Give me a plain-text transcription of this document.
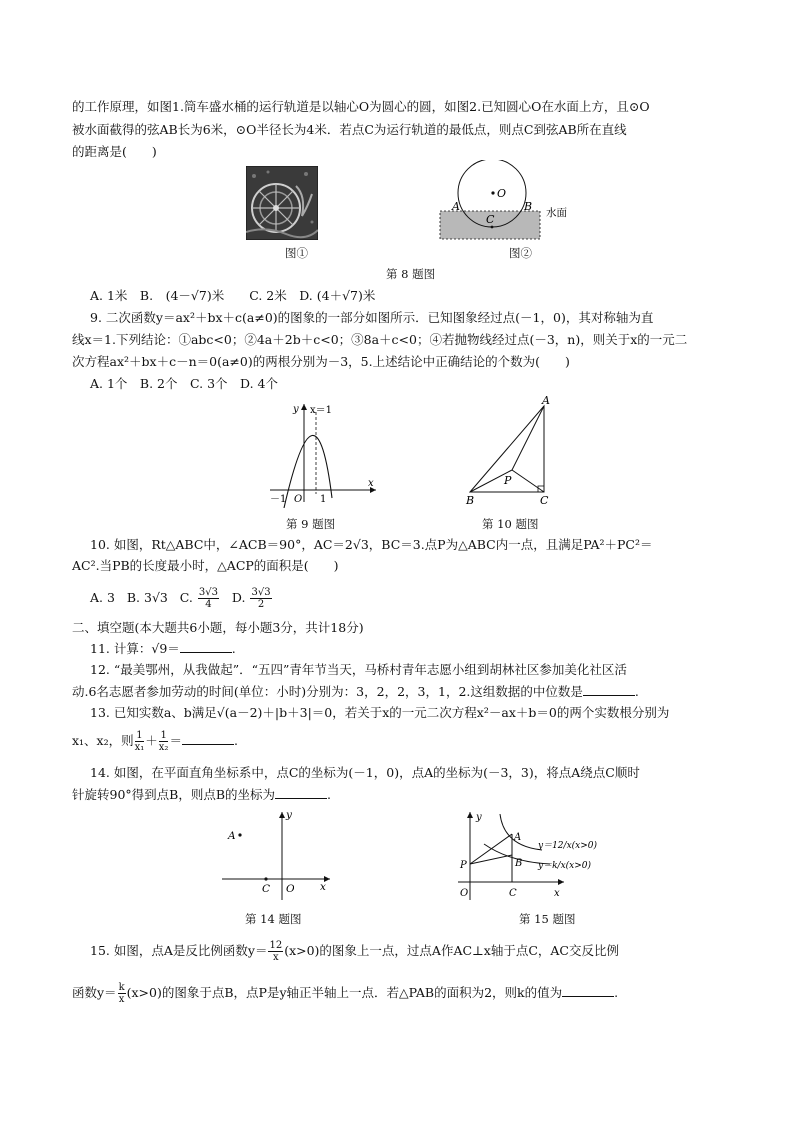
的工作原理，如图1.筒车盛水桶的运行轨道是以轴心O为圆心的圆，如图2.已知圆心O在水面上方，且⊙O
被水面截得的弦AB长为6米，⊙O半径长为4米．若点C为运行轨道的最低点，则点C到弦AB所在直线
的距离是(　　)
图①
O
A	B
C	水面
图②
第 8 题图
A. 1米　B.　(4－√7)米　　C. 2米　D. (4＋√7)米
9. 二次函数y＝ax²＋bx＋c(a≠0)的图象的一部分如图所示．已知图象经过点(－1，0)，其对称轴为直
线x＝1.下列结论：①abc<0；②4a＋2b＋c<0；③8a＋c<0；④若抛物线经过点(－3，n)，则关于x的一元二
次方程ax²＋bx＋c－n＝0(a≠0)的两根分别为－3，5.上述结论中正确结论的个数为(　　)
A. 1个　B. 2个　C. 3个　D. 4个
y x＝1
x
－1 O 1
第 9 题图
A
B	C
P
第 10 题图
10. 如图，Rt△ABC中，∠ACB＝90°，AC＝2√3，BC＝3.点P为△ABC内一点，且满足PA²＋PC²＝
AC².当PB的长度最小时，△ACP的面积是(　　)
A. 3 B. 3√3 C. $\frac{3√3}{4} D$. $\frac{3√3}{2}$
二、填空题(本大题共6小题，每小题3分，共计18分)
11. 计算：√9＝	.
12. “最美鄂州，从我做起”．“五四”青年节当天，马桥村青年志愿小组到胡林社区参加美化社区活
动.6名志愿者参加劳动的时间(单位：小时)分别为：3，2，2，3，1，2.这组数据的中位数是	.
13. 已知实数a、b满足√(a－2)＋|b＋3|＝0，若关于x的一元二次方程x²－ax＋b＝0的两个实数根分别为
x₁、x₂，则 $\frac{1}{\text{x₁}} + \frac{1}{\text{x₂}}$ ＝	.
14. 如图，在平面直角坐标系中，点C的坐标为(－1，0)，点A的坐标为(－3，3)，将点A绕点C顺时
针旋转90°得到点B，则点B的坐标为	.
A
y
C O x
第 14 题图
y
A
B
P
O	C	x
y＝12/x(x>0)
y＝k/x(x>0)
第 15 题图
15. 如图，点A是反比例函数$y= \frac{12}{x} (x>0)$的图象上一点，过点A作AC⊥x轴于点C，AC交反比例
函数$y= \frac{k}{x} (x>0)$的图象于点B，点P是y轴正半轴上一点．若△PAB的面积为2，则k的值为	.
